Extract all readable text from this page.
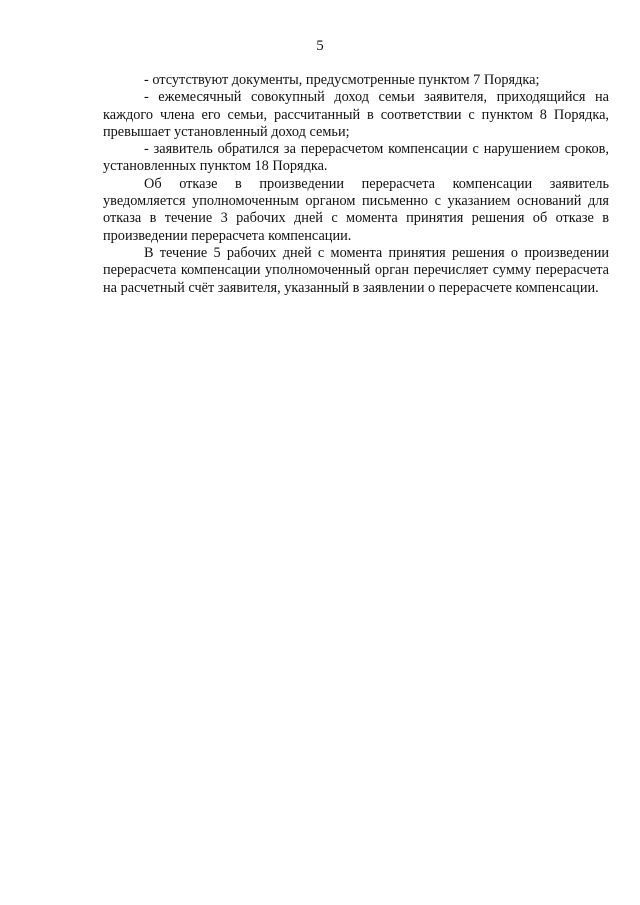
5

- отсутствуют документы, предусмотренные пунктом 7 Порядка;

- ежемесячный совокупный доход семьи заявителя, приходящийся на каждого члена его семьи, рассчитанный в соответствии с пунктом 8 Порядка, превышает установленный доход семьи;

- заявитель обратился за перерасчетом компенсации с нарушением сроков, установленных пунктом 18 Порядка.

Об отказе в произведении перерасчета компенсации заявитель уведомляется уполномоченным органом письменно с указанием оснований для отказа в течение 3 рабочих дней с момента принятия решения об отказе в произведении перерасчета компенсации.

В течение 5 рабочих дней с момента принятия решения о произведении перерасчета компенсации уполномоченный орган перечисляет сумму перерасчета на расчетный счёт заявителя, указанный в заявлении о перерасчете компенсации.
